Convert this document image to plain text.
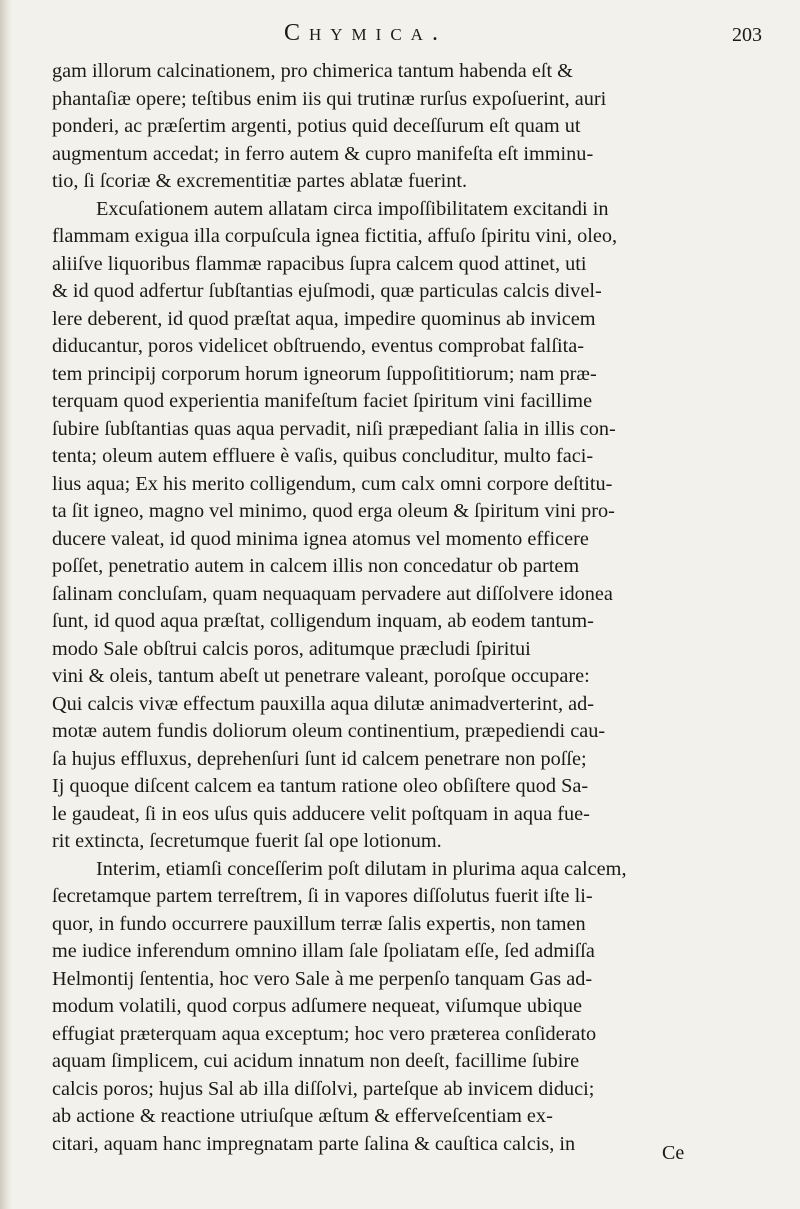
Chymica.	203
gam illorum calcinationem, pro chimerica tantum habenda eſt &
phantaſiæ opere; teſtibus enim iis qui trutinæ rurſus expoſuerint, auri
ponderi, ac præſertim argenti, potius quid deceſſurum eſt quam ut
augmentum accedat; in ferro autem & cupro manifeſta eſt imminu-
tio, ſi ſcoriæ & excrementitiæ partes ablatæ fuerint.
Excuſationem autem allatam circa impoſſibilitatem excitandi in
flammam exigua illa corpuſcula ignea fictitia, affuſo ſpiritu vini, oleo,
aliiſve liquoribus flammæ rapacibus ſupra calcem quod attinet, uti
& id quod adfertur ſubſtantias ejuſmodi, quæ particulas calcis divel-
lere deberent, id quod præſtat aqua, impedire quominus ab invicem
diducantur, poros videlicet obſtruendo, eventus comprobat falſita-
tem principij corporum horum igneorum ſuppoſititiorum; nam præ-
terquam quod experientia manifeſtum faciet ſpiritum vini facillime
ſubire ſubſtantias quas aqua pervadit, niſi præpediant ſalia in illis con-
tenta; oleum autem effluere è vaſis, quibus concluditur, multo faci-
lius aqua; Ex his merito colligendum, cum calx omni corpore deſtitu-
ta ſit igneo, magno vel minimo, quod erga oleum & ſpiritum vini pro-
ducere valeat, id quod minima ignea atomus vel momento efficere
poſſet, penetratio autem in calcem illis non concedatur ob partem
ſalinam concluſam, quam nequaquam pervadere aut diſſolvere idonea
ſunt, id quod aqua præſtat, colligendum inquam, ab eodem tantum-
modo Sale obſtrui calcis poros, aditumque præcludi ſpiritui
vini & oleis, tantum abeſt ut penetrare valeant, poroſque occupare:
Qui calcis vivæ effectum pauxilla aqua dilutæ animadverterint, ad-
motæ autem fundis doliorum oleum continentium, præpediendi cau-
ſa hujus effluxus, deprehenſuri ſunt id calcem penetrare non poſſe;
Ij quoque diſcent calcem ea tantum ratione oleo obſiſtere quod Sa-
le gaudeat, ſi in eos uſus quis adducere velit poſtquam in aqua fue-
rit extincta, ſecretumque fuerit ſal ope lotionum.
Interim, etiamſi conceſſerim poſt dilutam in plurima aqua calcem,
ſecretamque partem terreſtrem, ſi in vapores diſſolutus fuerit iſte li-
quor, in fundo occurrere pauxillum terræ ſalis expertis, non tamen
me iudice inferendum omnino illam ſale ſpoliatam eſſe, ſed admiſſa
Helmontij ſententia, hoc vero Sale à me perpenſo tanquam Gas ad-
modum volatili, quod corpus adſumere nequeat, viſumque ubique
effugiat præterquam aqua exceptum; hoc vero præterea conſiderato
aquam ſimplicem, cui acidum innatum non deeſt, facillime ſubire
calcis poros; hujus Sal ab illa diſſolvi, parteſque ab invicem diduci;
ab actione & reactione utriuſque æſtum & efferveſcentiam ex-
citari, aquam hanc impregnatam parte ſalina & cauſtica calcis, in	Ce
